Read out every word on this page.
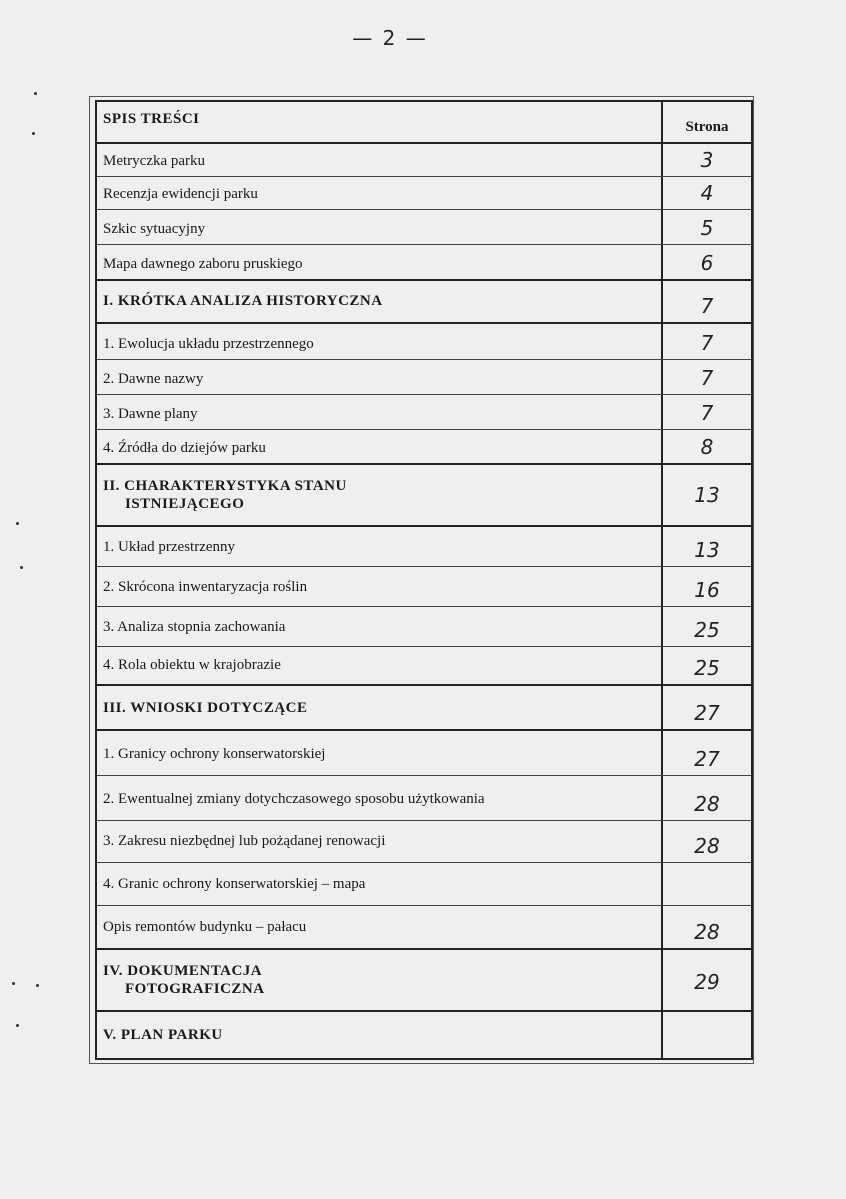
— 2 —
SPIS TREŚCI	Strona
Metryczka parku	3
Recenzja ewidencji parku	4
Szkic sytuacyjny	5
Mapa dawnego zaboru pruskiego	6
I. KRÓTKA ANALIZA HISTORYCZNA	7
1. Ewolucja układu przestrzennego	7
2. Dawne nazwy	7
3. Dawne plany	7
4. Źródła do dziejów parku	8
II. CHARAKTERYSTYKA STANU
ISTNIEJĄCEGO	13
1. Układ przestrzenny	13
2. Skrócona inwentaryzacja roślin	16
3. Analiza stopnia zachowania	25
4. Rola obiektu w krajobrazie	25
III. WNIOSKI DOTYCZĄCE	27
1. Granicy ochrony konserwatorskiej	27
2. Ewentualnej zmiany dotychczasowego sposobu użytkowania	28
3. Zakresu niezbędnej lub pożądanej renowacji	28
4. Granic ochrony konserwatorskiej – mapa
Opis remontów budynku – pałacu	28
IV. DOKUMENTACJA
FOTOGRAFICZNA	29
V. PLAN PARKU
